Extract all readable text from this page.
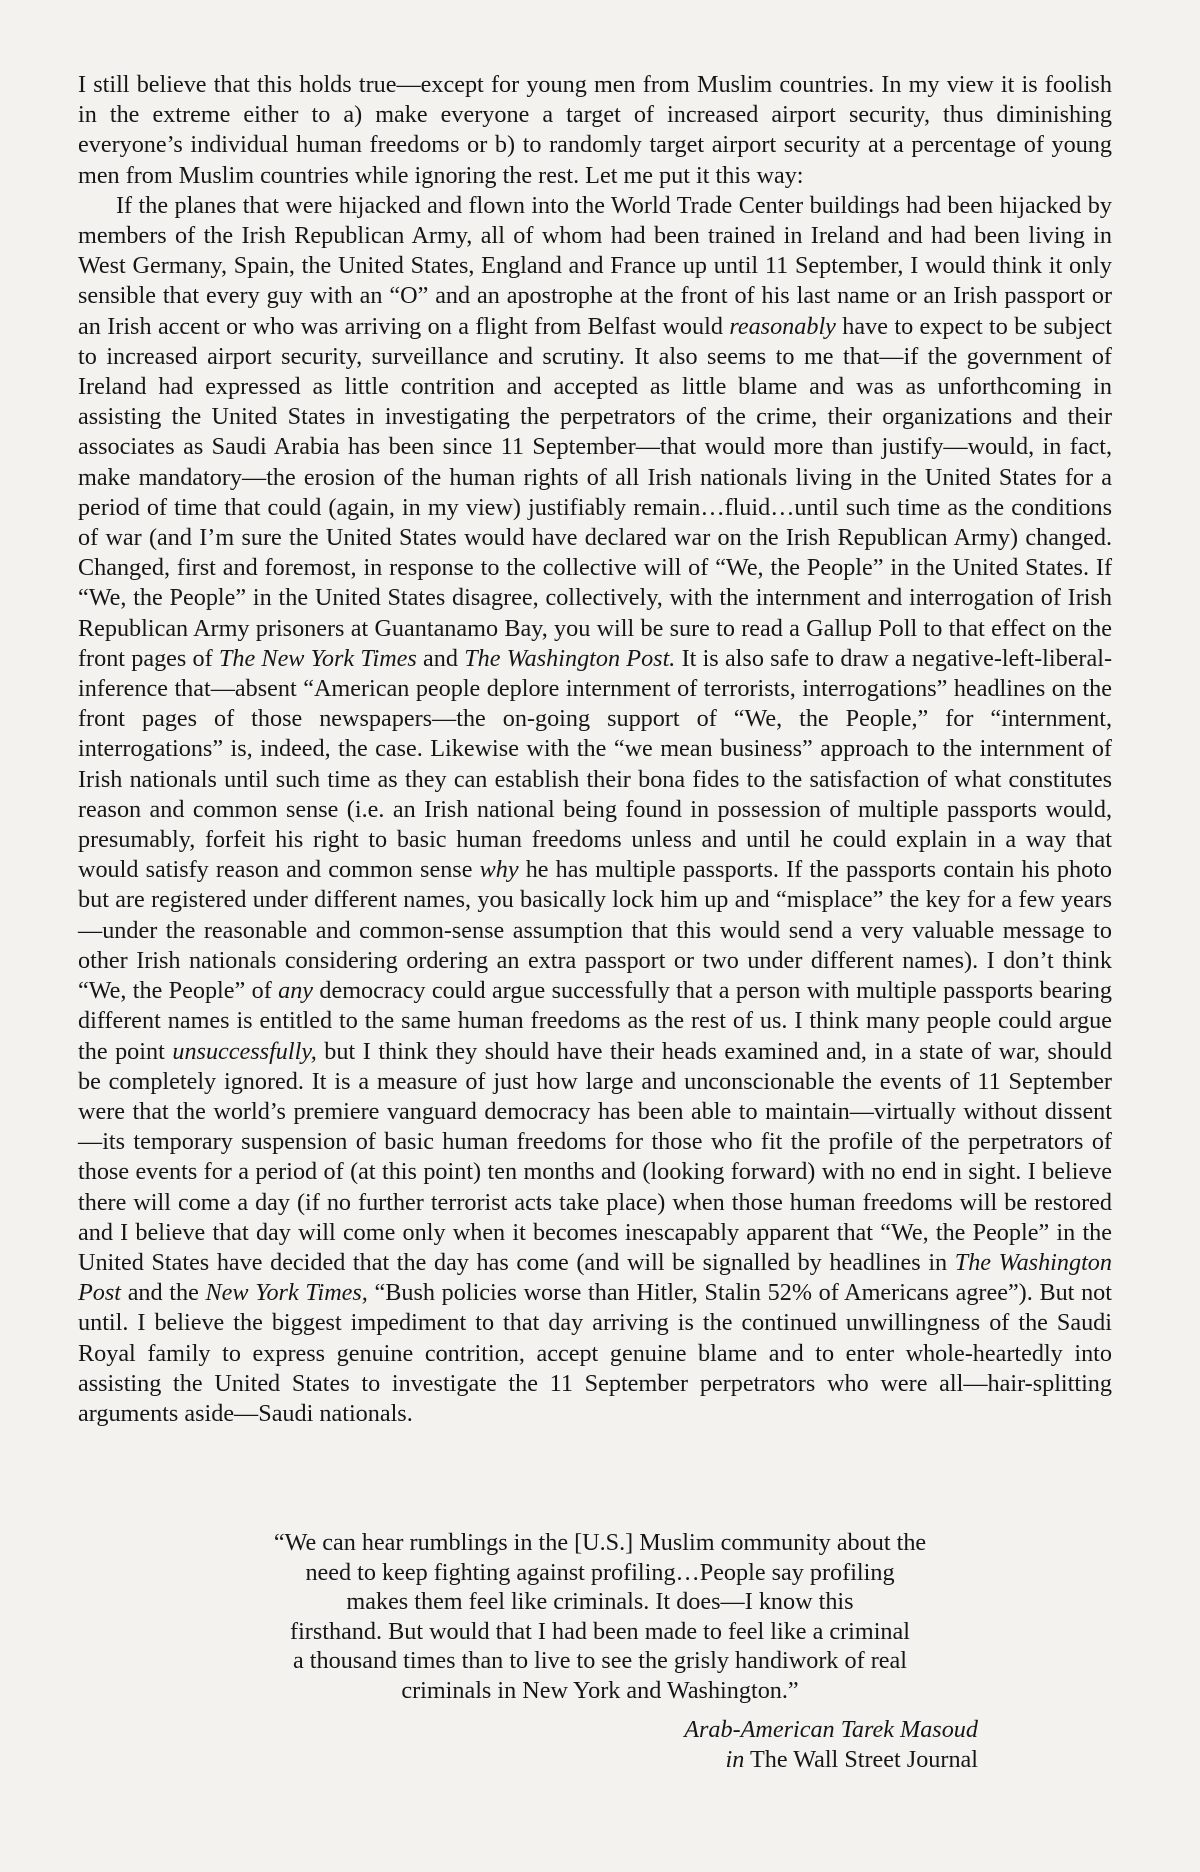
I still believe that this holds true—except for young men from Muslim countries. In my view it is foolish in the extreme either to a) make everyone a target of increased airport security, thus diminishing everyone’s individual human freedoms or b) to randomly target airport security at a percentage of young men from Muslim countries while ignoring the rest. Let me put it this way:

If the planes that were hijacked and flown into the World Trade Center buildings had been hijacked by members of the Irish Republican Army, all of whom had been trained in Ireland and had been living in West Germany, Spain, the United States, England and France up until 11 September, I would think it only sensible that every guy with an “O” and an apostrophe at the front of his last name or an Irish passport or an Irish accent or who was arriving on a flight from Belfast would reasonably have to expect to be subject to increased airport security, surveillance and scrutiny. It also seems to me that—if the government of Ireland had expressed as little contrition and accepted as little blame and was as unforthcoming in assisting the United States in investigating the perpetrators of the crime, their organizations and their associates as Saudi Arabia has been since 11 September—that would more than justify—would, in fact, make mandatory—the erosion of the human rights of all Irish nationals living in the United States for a period of time that could (again, in my view) justifiably remain…fluid…until such time as the conditions of war (and I’m sure the United States would have declared war on the Irish Republican Army) changed. Changed, first and foremost, in response to the collective will of “We, the People” in the United States. If “We, the People” in the United States disagree, collectively, with the internment and interrogation of Irish Republican Army prisoners at Guantanamo Bay, you will be sure to read a Gallup Poll to that effect on the front pages of The New York Times and The Washington Post. It is also safe to draw a negative-left-liberal-inference that—absent “American people deplore internment of terrorists, interrogations” headlines on the front pages of those newspapers—the on-going support of “We, the People,” for “internment, interrogations” is, indeed, the case. Likewise with the “we mean business” approach to the internment of Irish nationals until such time as they can establish their bona fides to the satisfaction of what constitutes reason and common sense (i.e. an Irish national being found in possession of multiple passports would, presumably, forfeit his right to basic human freedoms unless and until he could explain in a way that would satisfy reason and common sense why he has multiple passports. If the passports contain his photo but are registered under different names, you basically lock him up and “misplace” the key for a few years—under the reasonable and common-sense assumption that this would send a very valuable message to other Irish nationals considering ordering an extra passport or two under different names). I don’t think “We, the People” of any democracy could argue successfully that a person with multiple passports bearing different names is entitled to the same human freedoms as the rest of us. I think many people could argue the point unsuccessfully, but I think they should have their heads examined and, in a state of war, should be completely ignored. It is a measure of just how large and unconscionable the events of 11 September were that the world’s premiere vanguard democracy has been able to maintain—virtually without dissent—its temporary suspension of basic human freedoms for those who fit the profile of the perpetrators of those events for a period of (at this point) ten months and (looking forward) with no end in sight. I believe there will come a day (if no further terrorist acts take place) when those human freedoms will be restored and I believe that day will come only when it becomes inescapably apparent that “We, the People” in the United States have decided that the day has come (and will be signalled by headlines in The Washington Post and the New York Times, “Bush policies worse than Hitler, Stalin 52% of Americans agree”). But not until. I believe the biggest impediment to that day arriving is the continued unwillingness of the Saudi Royal family to express genuine contrition, accept genuine blame and to enter whole-heartedly into assisting the United States to investigate the 11 September perpetrators who were all—hair-splitting arguments aside—Saudi nationals.

“We can hear rumblings in the [U.S.] Muslim community about the

need to keep fighting against profiling…People say profiling

makes them feel like criminals. It does—I know this

firsthand. But would that I had been made to feel like a criminal

a thousand times than to live to see the grisly handiwork of real

criminals in New York and Washington.”

Arab-American Tarek Masoud

in The Wall Street Journal
